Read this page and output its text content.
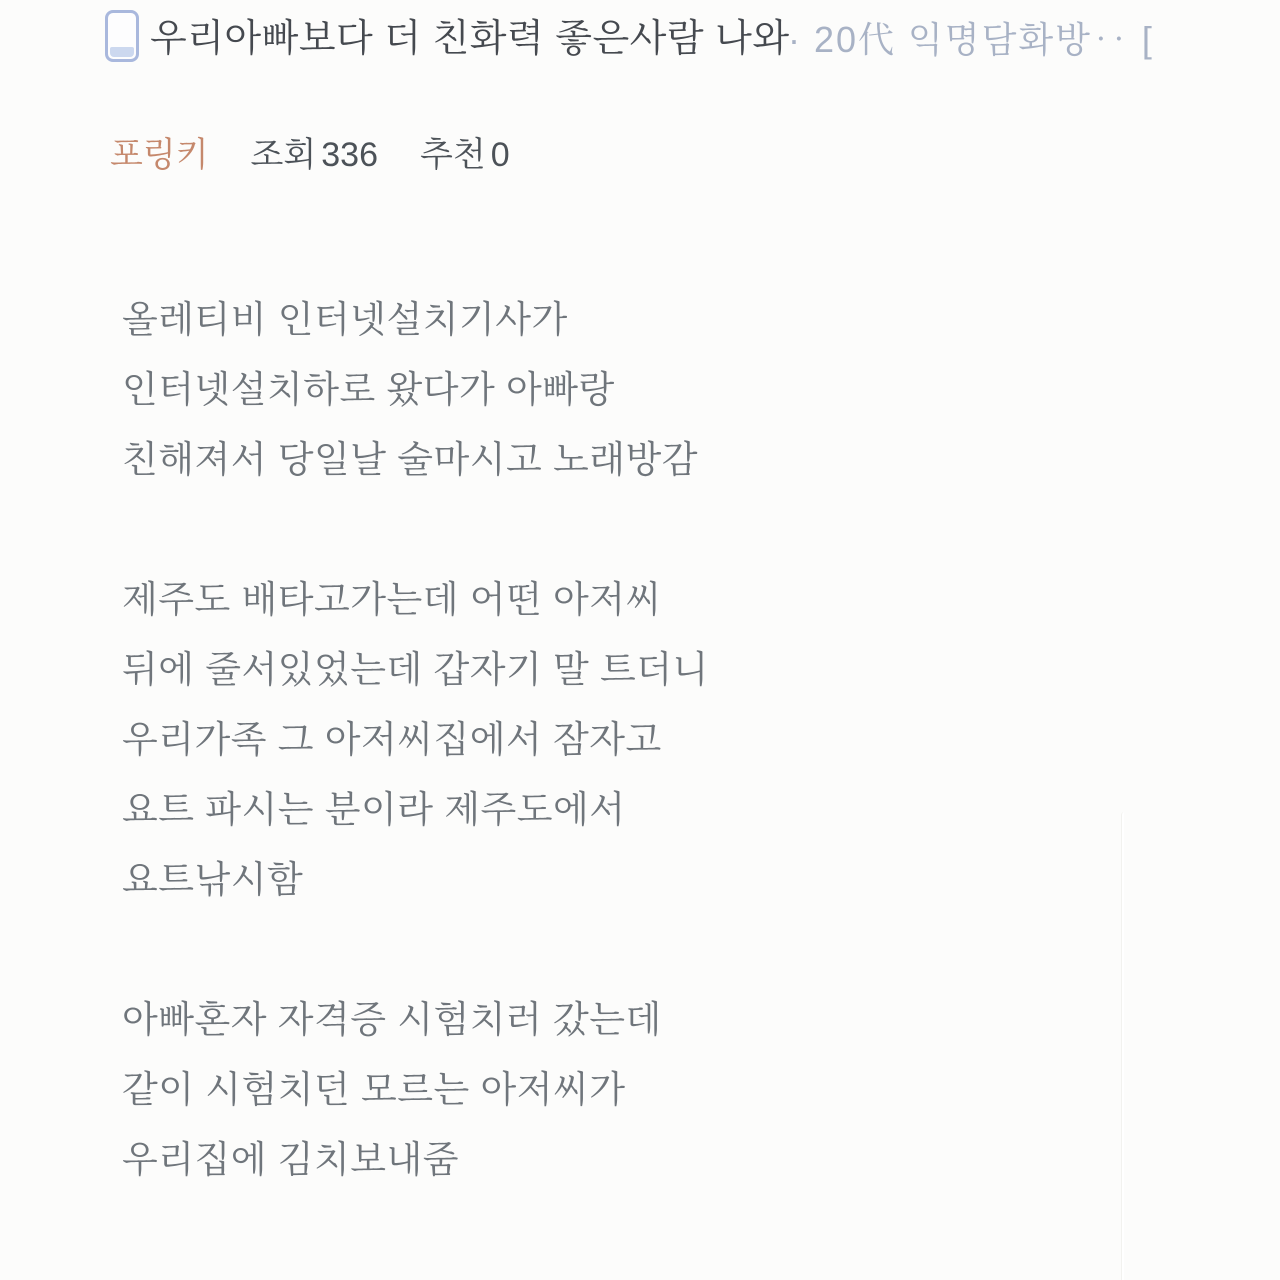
우리아빠보다 더 친화력 좋은사람 나와
· 20代 익명담화방‥ [
포링키 조회 336 추천 0
올레티비 인터넷설치기사가
인터넷설치하로 왔다가 아빠랑
친해져서 당일날 술마시고 노래방감
제주도 배타고가는데 어떤 아저씨
뒤에 줄서있었는데 갑자기 말 트더니
우리가족 그 아저씨집에서 잠자고
요트 파시는 분이라 제주도에서
요트낚시함
아빠혼자 자격증 시험치러 갔는데
같이 시험치던 모르는 아저씨가
우리집에 김치보내줌
